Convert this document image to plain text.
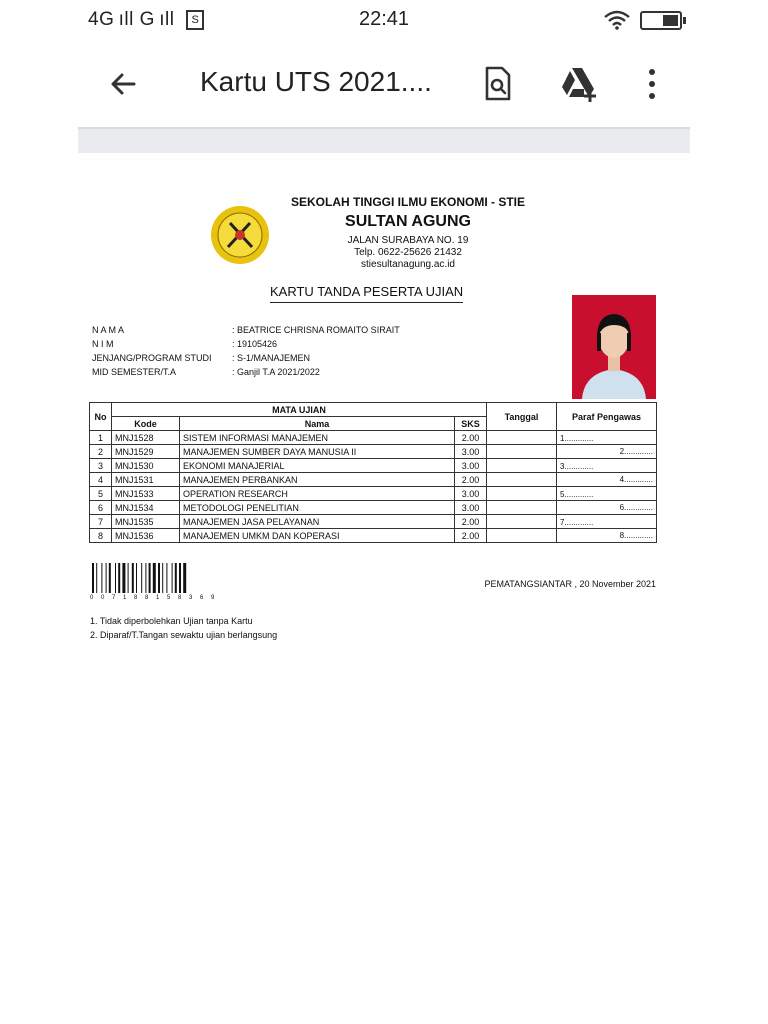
4G ıll G ıll	S	22:41
Kartu UTS 2021....
SEKOLAH TINGGI ILMU EKONOMI - STIE
SULTAN AGUNG
JALAN SURABAYA NO. 19
Telp. 0622-25626 21432
stiesultanagung.ac.id
KARTU TANDA PESERTA UJIAN
N A M A	: BEATRICE CHRISNA ROMAITO SIRAIT
N I M	: 19105426
JENJANG/PROGRAM STUDI	: S-1/MANAJEMEN
MID SEMESTER/T.A	: Ganjil T.A 2021/2022
No	MATA UJIAN			Tanggal	Paraf Pengawas
	Kode	Nama	SKS		
1	MNJ1528	SISTEM INFORMASI MANAJEMEN	2.00		1.............

2	MNJ1529	MANAJEMEN SUMBER DAYA MANUSIA II	3.00		2.............

3	MNJ1530	EKONOMI MANAJERIAL	3.00		3.............

4	MNJ1531	MANAJEMEN PERBANKAN	2.00		4.............

5	MNJ1533	OPERATION RESEARCH	3.00		5.............

6	MNJ1534	METODOLOGI PENELITIAN	3.00		6.............

7	MNJ1535	MANAJEMEN JASA PELAYANAN	2.00		7.............

8	MNJ1536	MANAJEMEN UMKM DAN KOPERASI	2.00		8.............
0 0 7 1 8 8 1 5 8 3 6 9
PEMATANGSIANTAR , 20 November 2021
1. Tidak diperbolehkan Ujian tanpa Kartu
2. Diparaf/T.Tangan sewaktu ujian berlangsung
